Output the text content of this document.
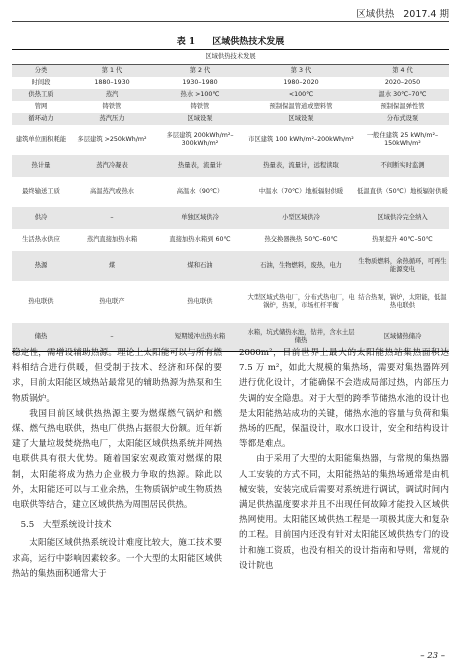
区域供热 2017.4 期
表 1 区域供热技术发展
区域供热技术发展				
分类	第 1 代	第 2 代	第 3 代	第 4 代
时间段	1880–1930	1930–1980	1980–2020	2020–2050
供热工质	蒸汽	热水 >100℃	<100℃	温水 30℃–70℃
管网	铸铁管	铸铁管	预制保温管道或塑料管	预制保温弹性管
循环动力	蒸汽压力	区域设泵	区域设泵	分布式设泵
建筑单位面积耗能	多层建筑 >250kWh/m²	多层建筑 200kWh/m²–300kWh/m²	市区建筑 100 kWh/m²–200kWh/m²	一般住建筑 25 kWh/m²–150kWh/m²
热计量	蒸汽冷凝表	热量表，流量计	热量表，流量计，远程读取	不间断实时监测
最终输送工质	高温蒸汽或热水	高温水（90℃）	中温水（70℃）地板辐射供暖	低温直供（50℃）地板辐射供暖
供冷	–	单独区域供冷	小型区域供冷	区域供冷完全纳入
生活热水供应	蒸汽直接加热水箱	直接加热水箱到 60℃	热交换器换热 50℃–60℃	热泵提升 40℃–50℃
热源	煤	煤和石油	石油，生物燃料，废热，电力	生物质燃料，余热循环，可再生能源变电
热电联供	热电联产	热电联供	大型区域式热电厂，分布式热电厂，电锅炉，热泵，市场杠杆平衡	结合热泵，锅炉，太阳能，低温热电联供
储热	–	短期缓冲出热水箱	水箱，坑式储热水池，钻井，含水土层储热	区域储热储冷

稳定性，需增设辅助热源。理论上太阳能可以与所有燃料相结合进行供暖，但受制于技术、经济和环保的要求，目前太阳能区域热站最常见的辅助热源为热泵和生物质锅炉。

我国目前区域供热热源主要为燃煤燃气锅炉和燃煤、燃气热电联供，热电厂供热占据很大份额。近年新建了大量垃圾焚烧热电厂，太阳能区域供热系统并网热电联供具有很大优势。随着国家宏观政策对燃煤的限制，太阳能将成为热力企业极力争取的热源。除此以外，太阳能还可以与工业余热，生物质锅炉或生物质热电联供等结合，建立区域供热为周围居民供热。

5.5　大型系统设计技术

太阳能区域供热系统设计难度比较大，施工技术要求高，运行中影响因素较多。一个大型的太阳能区域供热站的集热面积通常大于

2000m²，目前世界上最大的太阳能热站集热面积达 7.5 万 m²，如此大规模的集热场，需要对集热器阵列进行优化设计，才能确保不会造成局部过热，内部压力失调的安全隐患。对于大型的跨季节储热水池的设计也是太阳能热站成功的关键，储热水池的容量与负荷和集热场的匹配，保温设计，取水口设计，安全和结构设计等都是难点。

由于采用了大型的太阳能集热器，与常规的集热器人工安装的方式不同，太阳能热站的集热场通常是由机械安装，安装完成后需要对系统进行调试，调试时间内满足供热温度要求并且不出现任何故障才能投入区域供热网使用。太阳能区域供热工程是一项极其庞大和复杂的工程。目前国内还没有针对太阳能区域供热专门的设计和施工资质，也没有相关的设计指南和导则，常规的设计院也

– 23 –
